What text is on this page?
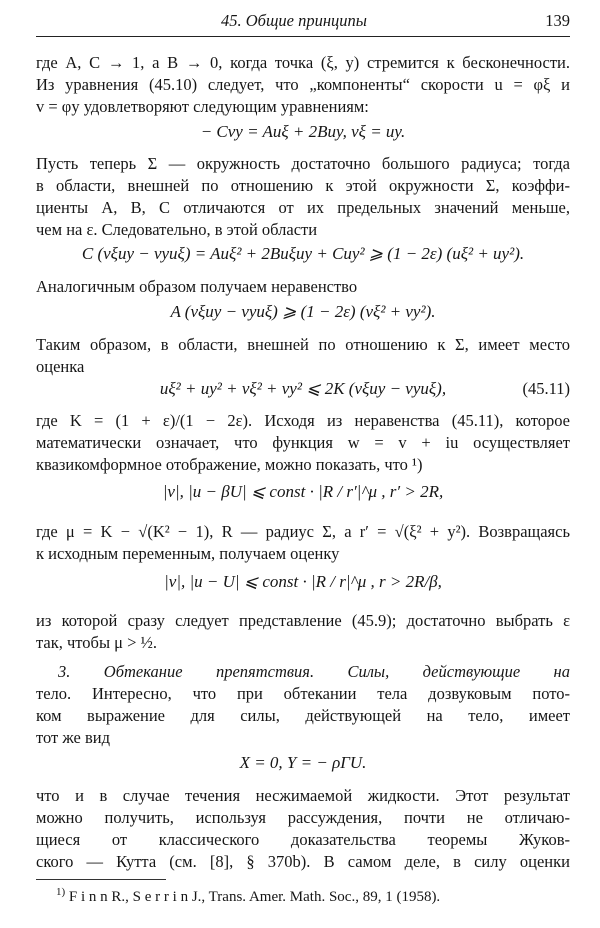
45. Общие принципы	139
где A, C → 1, а B → 0, когда точка (ξ, y) стремится к бесконечности.
Из уравнения (45.10) следует, что „компоненты“ скорости u = φξ и
v = φy удовлетворяют следующим уравнениям:
− Cvy = Auξ + 2Buy, vξ = uy.
Пусть теперь Σ — окружность достаточно большого радиуса; тогда
в области, внешней по отношению к этой окружности Σ, коэффи-
циенты A, B, C отличаются от их предельных значений меньше,
чем на ε. Следовательно, в этой области
C (vξuy − vyuξ) = Auξ² + 2Buξuy + Cuy² ⩾ (1 − 2ε) (uξ² + uy²).
Аналогичным образом получаем неравенство
A (vξuy − vyuξ) ⩾ (1 − 2ε) (vξ² + vy²).
Таким образом, в области, внешней по отношению к Σ, имеет место
оценка
uξ² + uy² + vξ² + vy² ⩽ 2K (vξuy − vyuξ),	(45.11)
где K = (1 + ε)/(1 − 2ε). Исходя из неравенства (45.11), которое
математически означает, что функция w = v + iu осуществляет
квазикомформное отображение, можно показать, что ¹)
|v|, |u − βU| ⩽ const · |R / r′|^μ , r′ > 2R,
где μ = K − √(K² − 1), R — радиус Σ, а r′ = √(ξ² + y²). Возвращаясь
к исходным переменным, получаем оценку
|v|, |u − U| ⩽ const · |R / r|^μ , r > 2R/β,
из которой сразу следует представление (45.9); достаточно выбрать ε
так, чтобы μ > ½.
3. Обтекание препятствия. Силы, действующие на
тело. Интересно, что при обтекании тела дозвуковым пото-
ком выражение для силы, действующей на тело, имеет
тот же вид
X = 0, Y = − ρΓU.
что и в случае течения несжимаемой жидкости. Этот результат
можно получить, используя рассуждения, почти не отличаю-
щиеся от классического доказательства теоремы Жуков-
ского — Кутта (см. [8], § 370b). В самом деле, в силу оценки
$^{1)}$ F i n n R., S e r r i n J., Trans. Amer. Math. Soc., 89, 1 (1958).
